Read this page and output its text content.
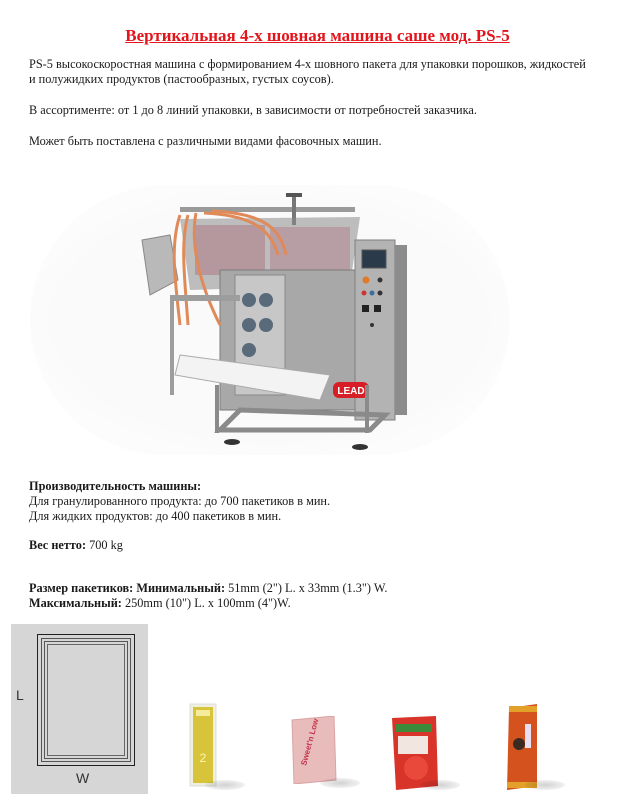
Вертикальная 4-х шовная машина саше мод. PS-5
PS-5 высокоскоростная машина с формированием 4-х шовного пакета для упаковки порошков, жидкостей
и полужидких продуктов (пастообразных, густых соусов).
В ассортименте: от 1 до 8 линий упаковки, в зависимости от потребностей заказчика.
Может быть поставлена с различными видами фасовочных машин.
LEAD
Производительность машины:
Для гранулированного продукта: до 700 пакетиков в мин.
Для жидких продуктов: до 400 пакетиков в мин.
Вес нетто: 700 kg
Размер пакетиков: Минимальный: 51mm (2") L. x 33mm (1.3") W.
Максимальный: 250mm (10") L. x 100mm (4")W.
L
W
2	Sweet'n Low
